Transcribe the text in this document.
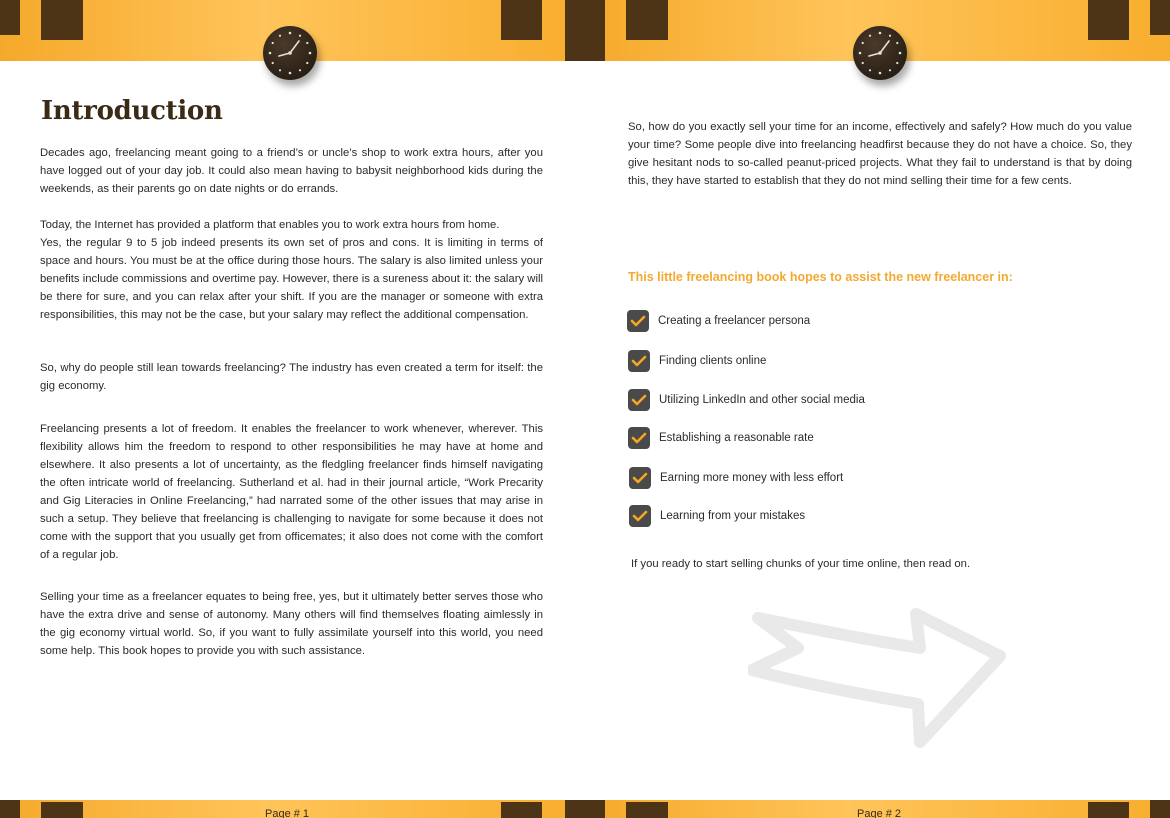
Introduction

Decades ago, freelancing meant going to a friend’s or uncle’s shop to work extra hours, after you have logged out of your day job. It could also mean having to babysit neighborhood kids during the weekends, as their parents go on date nights or do errands.

Today, the Internet has provided a platform that enables you to work extra hours from home.

Yes, the regular 9 to 5 job indeed presents its own set of pros and cons. It is limiting in terms of space and hours. You must be at the office during those hours. The salary is also limited unless your benefits include commissions and overtime pay. However, there is a sureness about it: the salary will be there for sure, and you can relax after your shift. If you are the manager or someone with extra responsibilities, this may not be the case, but your salary may reflect the additional compensation.

So, why do people still lean towards freelancing? The industry has even created a term for itself: the gig economy.

Freelancing presents a lot of freedom. It enables the freelancer to work whenever, wherever. This flexibility allows him the freedom to respond to other responsibilities he may have at home and elsewhere. It also presents a lot of uncertainty, as the fledgling freelancer finds himself navigating the often intricate world of freelancing. Sutherland et al. had in their journal article, “Work Precarity and Gig Literacies in Online Freelancing,” had narrated some of the other issues that may arise in such a setup. They believe that freelancing is challenging to navigate for some because it does not come with the support that you usually get from officemates; it also does not come with the comfort of a regular job.

Selling your time as a freelancer equates to being free, yes, but it ultimately better serves those who have the extra drive and sense of autonomy. Many others will find themselves floating aimlessly in the gig economy virtual world. So, if you want to fully assimilate yourself into this world, you need some help. This book hopes to provide you with such assistance.

Page # 1

So, how do you exactly sell your time for an income, effectively and safely? How much do you value your time? Some people dive into freelancing headfirst because they do not have a choice. So, they give hesitant nods to so-called peanut-priced projects. What they fail to understand is that by doing this, they have started to establish that they do not mind selling their time for a few cents.

This little freelancing book hopes to assist the new freelancer in:
Creating a freelancer persona
Finding clients online
Utilizing LinkedIn and other social media
Establishing a reasonable rate
Earning more money with less effort
Learning from your mistakes

If you ready to start selling chunks of your time online, then read on.

Page # 2
